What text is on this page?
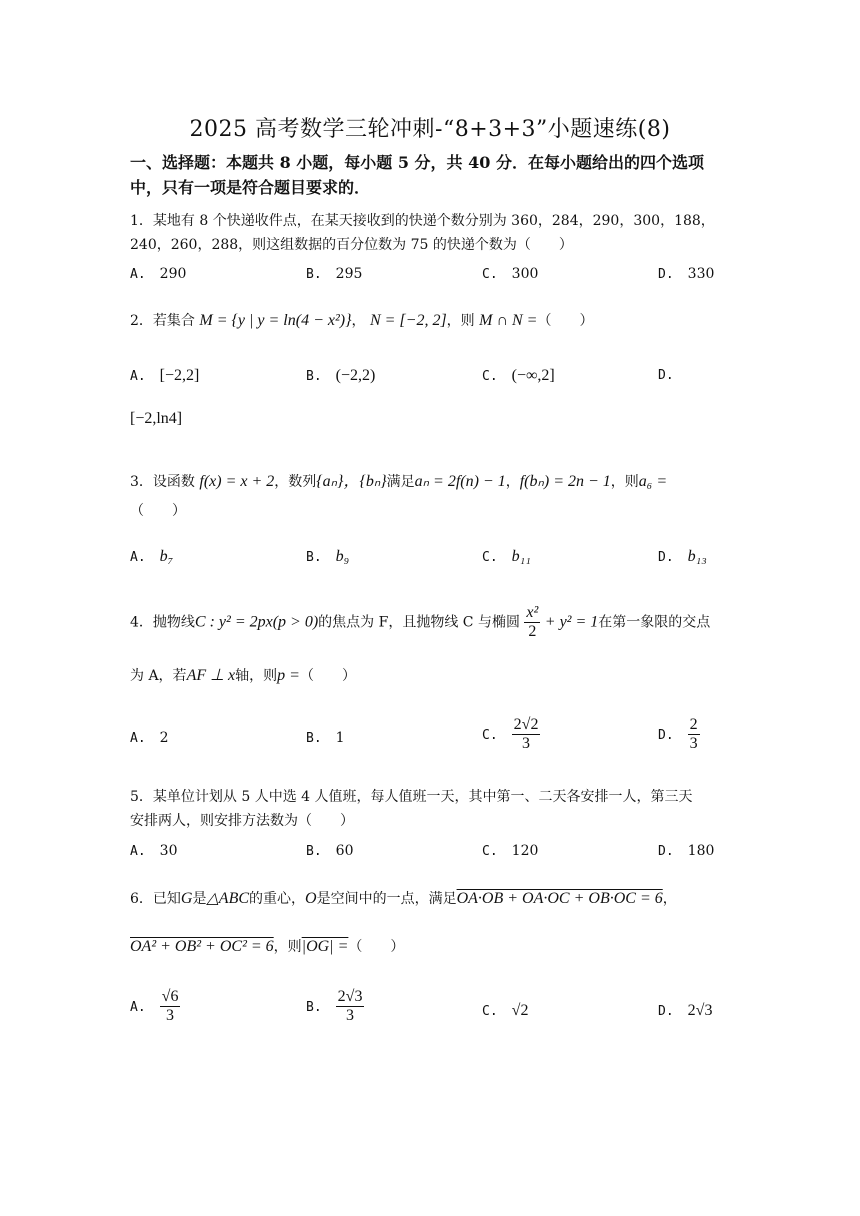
2025 高考数学三轮冲刺-“8+3+3”小题速练(8)
一、选择题：本题共 8 小题，每小题 5 分，共 40 分．在每小题给出的四个选项
中，只有一项是符合题目要求的．
1．某地有 8 个快递收件点，在某天接收到的快递个数分别为 360，284，290，300，188，
240，260，288，则这组数据的百分位数为 75 的快递个数为（　　）
A. 290	B. 295	C. 300	D. 330
2．若集合 M = {y | y = ln(4 − x²)}， N = [−2, 2]，则 M ∩ N =（　　）
A. [−2,2]	B. (−2,2)	C. (−∞,2]	D.
[−2,ln4]
3．设函数 f(x) = x + 2，数列{aₙ}，{bₙ}满足aₙ = 2f(n) − 1，f(bₙ) = 2n − 1，则a₆ =
（　　）
A. b₇	B. b₉	C. b₁₁	D. b₁₃
4．抛物线C : y² = 2px(p > 0)的焦点为 F，且抛物线 C 与椭圆 $\frac{\text{x²}}{2} + y^2 = 1$在第一象限的交点
为 A，若AF ⊥ x轴，则p =（　　）
A. 2	B. 1	C. $\frac{2√2}{3}$	D. $\frac{2}{3}$
5．某单位计划从 5 人中选 4 人值班，每人值班一天，其中第一、二天各安排一人，第三天
安排两人，则安排方法数为（　　）
A. 30	B. 60	C. 120	D. 180
6．已知G是△ABC的重心，O是空间中的一点，满足OA·OB + OA·OC + OB·OC = 6，
OA² + OB² + OC² = 6，则|OG| =（　　）
A. $\frac{√6}{3}$	B. $\frac{2√3}{3}$	C. √2	D. 2√3
